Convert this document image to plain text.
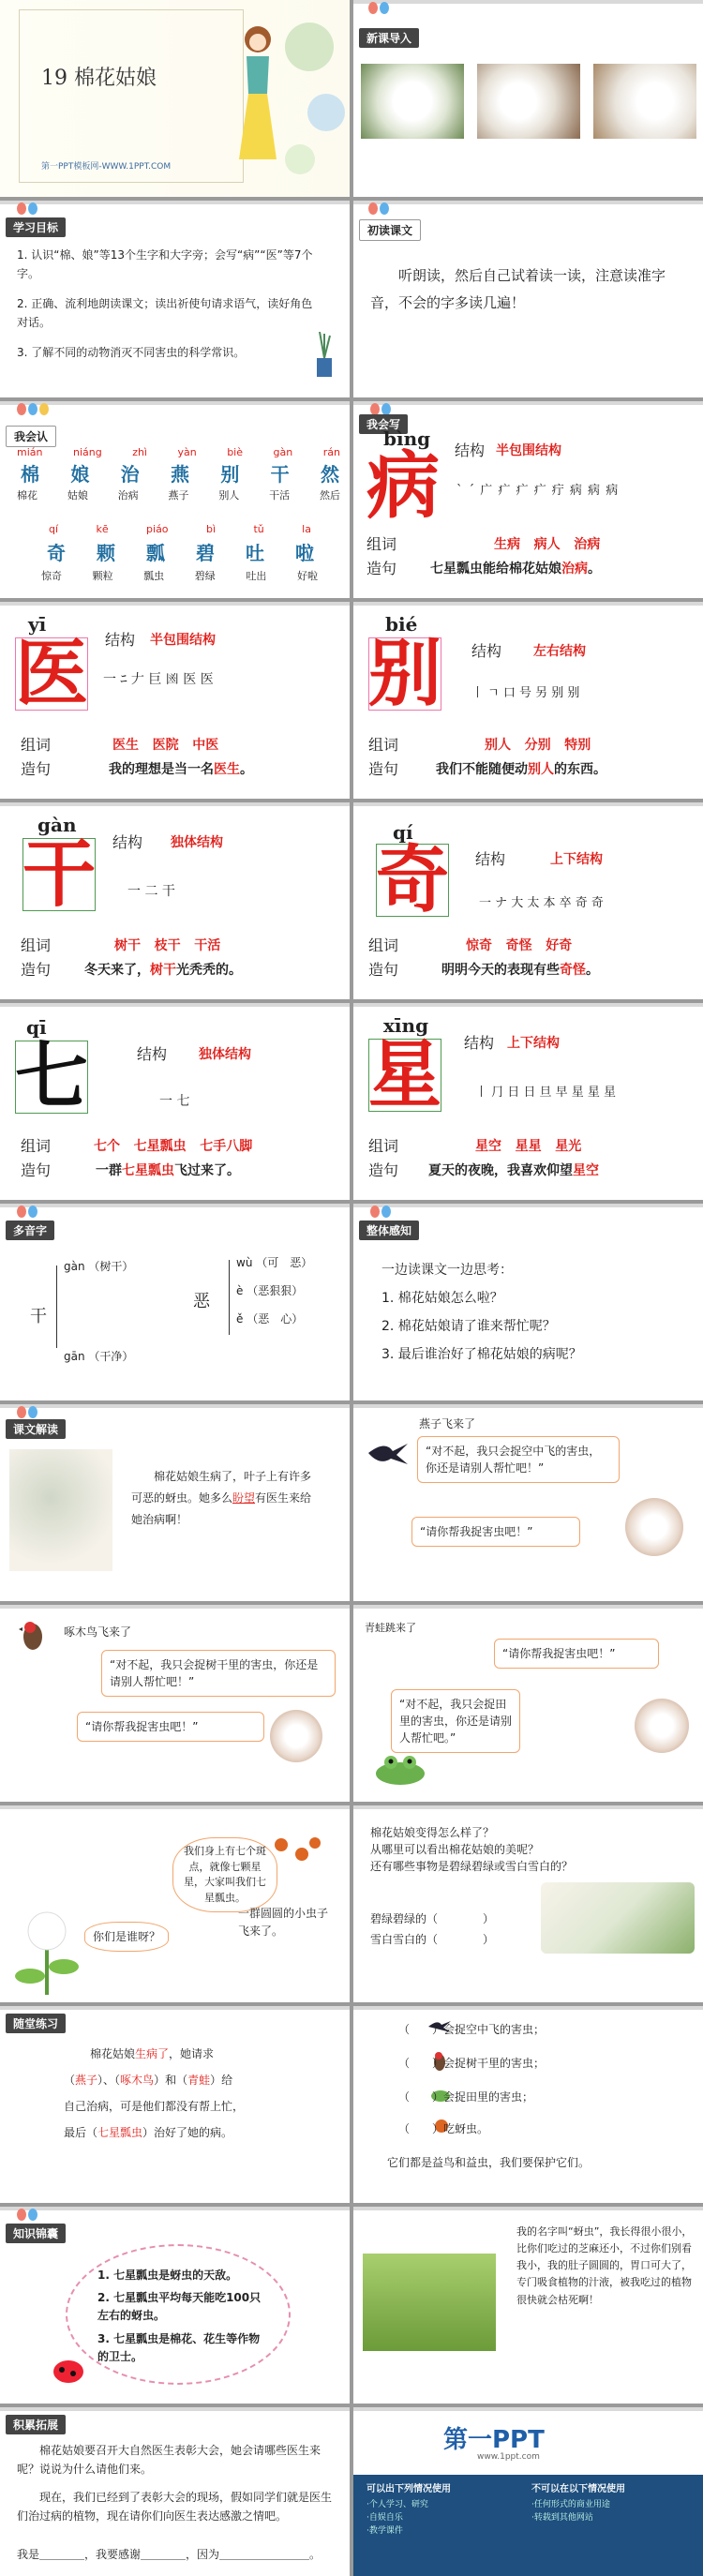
19 棉花姑娘
第一PPT模板网-WWW.1PPT.COM
新课导入
学习目标
1. 认识“棉、娘”等13个生字和大字旁；会写“病”“医”等7个字。
2. 正确、流利地朗读课文；读出祈使句请求语气，读好角色对话。
3. 了解不同的动物消灭不同害虫的科学常识。
初读课文
听朗读，然后自己试着读一读，注意读准字音，不会的字多读几遍！
我会认
mián	niáng	zhì	yàn	biè	gàn	rán
棉 娘 治 燕 别 干 然
棉花	姑娘	治病	燕子	别人	干活	然后
qí	kē	piáo	bì	tǔ	la
奇 颗 瓢 碧 吐 啦
惊奇	颗粒	瓢虫	碧绿	吐出	好啦
我会写
bìng
病 结构 半包围结构
` ˊ 广 疒 疒 疒 疔 病 病 病
组词	生病   病人   治病
造句	七星瓢虫能给棉花姑娘治病。
yī
医 结构 半包围结构
一 ﾆ 𠂇 巨 𠚍 医 医
组词	医生   医院   中医
造句	我的理想是当一名医生。
bié
别 结构 左右结构
丨 ㄱ 口 号 另 别 别
组词	别人   分别   特别
造句	我们不能随便动别人的东西。
gàn
干 结构 独体结构
一 二 干
组词	树干   枝干   干活
造句	冬天来了，树干光秃秃的。
qí
奇 结构	上下结构
一 ナ 大 太 本 卒 奇 奇
组词	惊奇   奇怪   好奇
造句	明明今天的表现有些奇怪。
qī
七	结构 独体结构
一 七
组词	七个   七星瓢虫   七手八脚
造句	一群七星瓢虫飞过来了。
xīng
星 结构 上下结构
丨 ⺆ 日 日 旦 早 星 星 星
组词	星空   星星   星光
造句 夏天的夜晚，我喜欢仰望星空
多音字
干
gàn （树干）
gān （干净）
恶
wù （可　恶）
è （恶狠狠）
ě （恶　心）
整体感知
一边读课文一边思考：
1. 棉花姑娘怎么啦？
2. 棉花姑娘请了谁来帮忙呢？
3. 最后谁治好了棉花姑娘的病呢？
课文解读
棉花姑娘生病了，叶子上有许多可恶的蚜虫。她多么盼望有医生来给她治病啊！
燕子飞来了
“对不起，我只会捉空中飞的害虫，你还是请别人帮忙吧！”
“请你帮我捉害虫吧！”
啄木鸟飞来了
“对不起，我只会捉树干里的害虫，你还是请别人帮忙吧！”
“请你帮我捉害虫吧！”
青蛙跳来了
“请你帮我捉害虫吧！”
“对不起，我只会捉田里的害虫，你还是请别人帮忙吧。”
我们身上有七个斑点，就像七颗星星，大家叫我们七星瓢虫。
你们是谁呀？
一群圆圆的小虫子飞来了。
棉花姑娘变得怎么样了？
从哪里可以看出棉花姑娘的美呢？
还有哪些事物是碧绿碧绿或雪白雪白的？
碧绿碧绿的（　　　　）
雪白雪白的（　　　　）
随堂练习
棉花姑娘生病了，她请求
（燕子）、（啄木鸟）和（青蛙）给
自己治病，可是他们都没有帮上忙，
最后（七星瓢虫）治好了她的病。
（　　）会捉空中飞的害虫；
（　　）会捉树干里的害虫；
（　　）会捉田里的害虫；
（　　）吃蚜虫。
它们都是益鸟和益虫，我们要保护它们。
知识锦囊
1. 七星瓢虫是蚜虫的天敌。
2. 七星瓢虫平均每天能吃100只左右的蚜虫。
3. 七星瓢虫是棉花、花生等作物的卫士。
我的名字叫“蚜虫”，我长得很小很小，比你们吃过的芝麻还小，不过你们别看我小，我的肚子圆圆的，胃口可大了，专门吸食植物的汁液，被我吃过的植物很快就会枯死啊！
积累拓展
棉花姑娘要召开大自然医生表彰大会，她会请哪些医生来呢？说说为什么请他们来。
现在，我们已经到了表彰大会的现场，假如同学们就是医生们治过病的植物，现在请你们向医生表达感激之情吧。
我是＿＿＿＿，我要感谢＿＿＿＿，因为＿＿＿＿＿＿＿＿。
第一PPT
www.1ppt.com
可以出下列情况使用	不可以在以下情况使用
·个人学习、研究
·自娱自乐
·教学课件
·任何形式的商业用途
·转载到其他网站
